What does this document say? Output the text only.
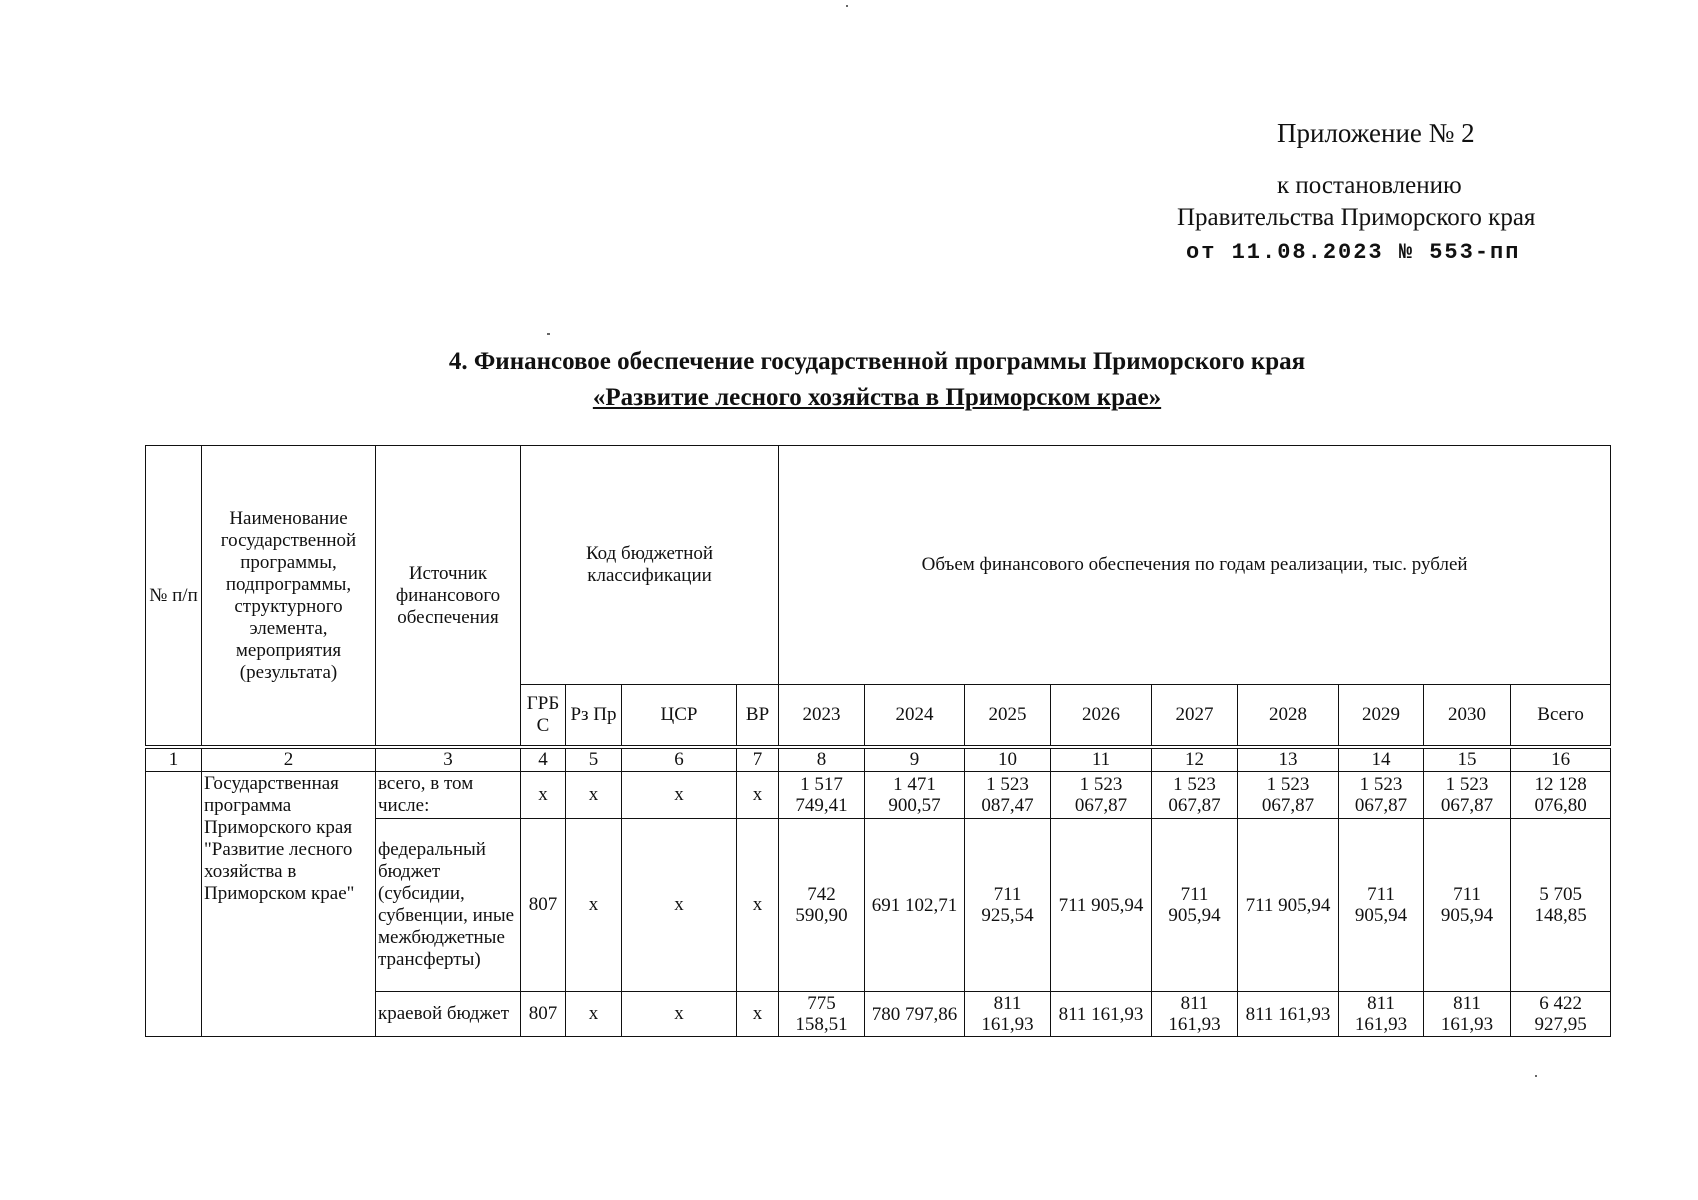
Приложение № 2
к постановлению
Правительства Приморского края
от 11.08.2023 № 553-пп
4. Финансовое обеспечение государственной программы Приморского края
«Развитие лесного хозяйства в Приморском крае»
№ п/п	Наименование государственной программы, подпрограммы, структурного элемента, мероприятия (результата)	Источник финансового обеспечения	Код бюджетной классификации				Объем финансового обеспечения по годам реализации, тыс. рублей								
			ГРБ С	Рз Пр	ЦСР	ВР	2023	2024	2025	2026	2027	2028	2029	2030	Всего
1	2	3	4	5	6	7	8	9	10	11	12	13	14	15	16
	Государственная программа Приморского края "Развитие лесного хозяйства в Приморском крае"	всего, в том числе:	x	x	x	x	1 517 749,41	1 471 900,57	1 523 087,47	1 523 067,87	1 523 067,87	1 523 067,87	1 523 067,87	1 523 067,87	12 128 076,80
		федеральный бюджет (субсидии, субвенции, иные межбюджетные трансферты)	807	x	x	x	742 590,90	691 102,71	711 925,54	711 905,94	711 905,94	711 905,94	711 905,94	711 905,94	5 705 148,85
		краевой бюджет	807	x	x	x	775 158,51	780 797,86	811 161,93	811 161,93	811 161,93	811 161,93	811 161,93	811 161,93	6 422 927,95
